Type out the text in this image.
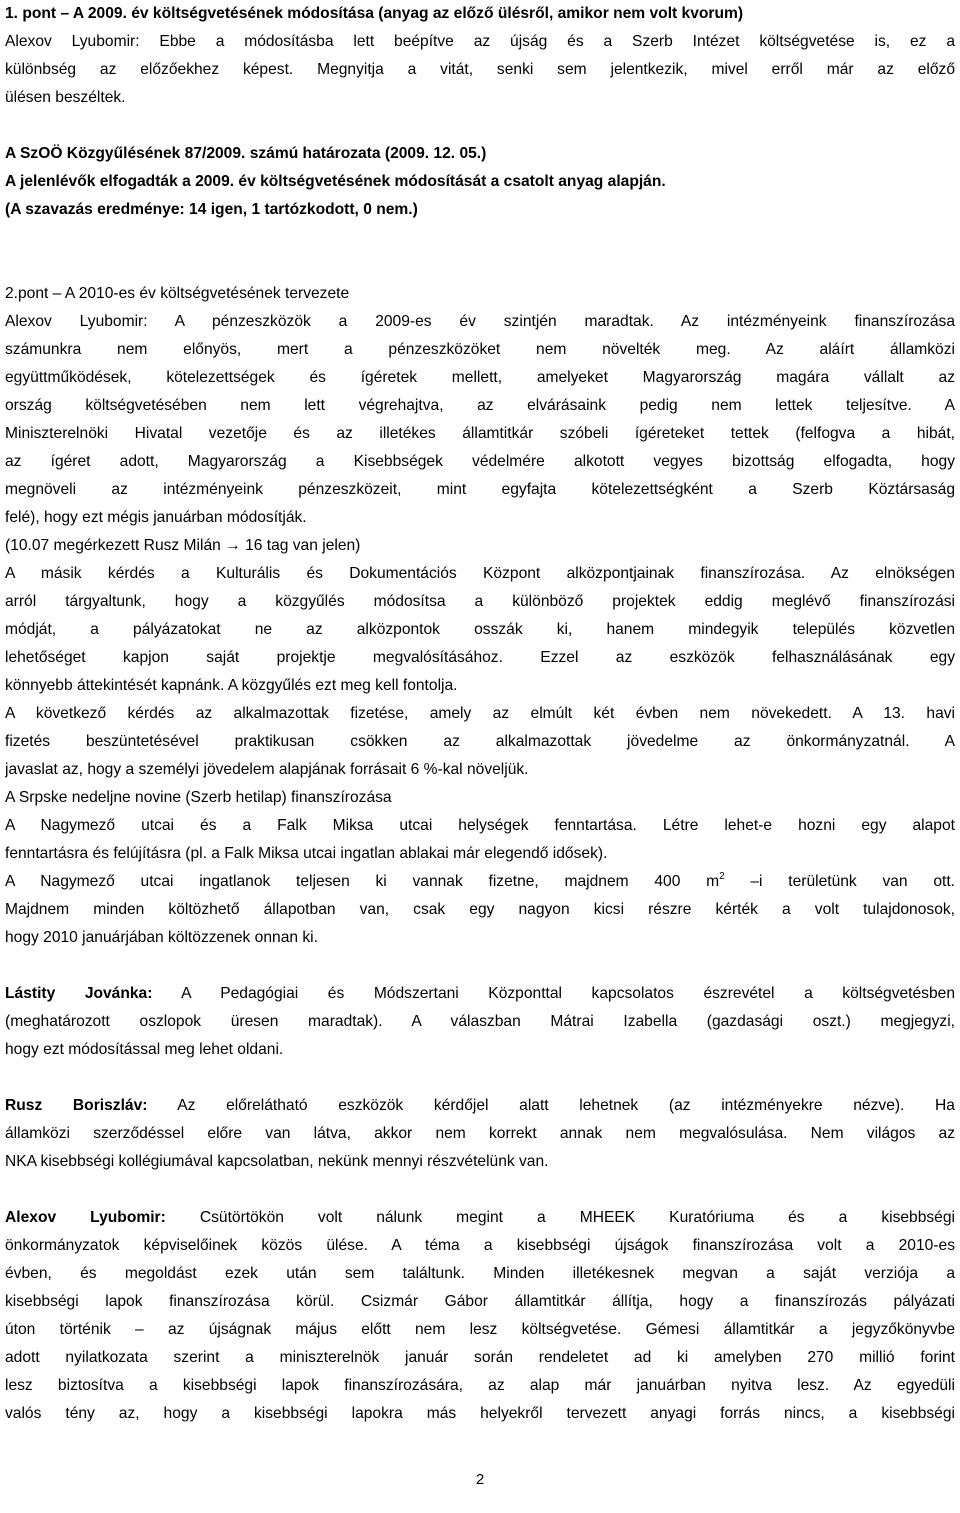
1. pont – A 2009. év költségvetésének módosítása (anyag az előző ülésről, amikor nem volt kvorum)
Alexov Lyubomir: Ebbe a módosításba lett beépítve az újság és a Szerb Intézet költségvetése is, ez a
különbség az előzőekhez képest. Megnyitja a vitát, senki sem jelentkezik, mivel erről már az előző
ülésen beszéltek.
A SzOÖ Közgyűlésének 87/2009. számú határozata (2009. 12. 05.)
A jelenlévők elfogadták a 2009. év költségvetésének módosítását a csatolt anyag alapján.
(A szavazás eredménye: 14 igen, 1 tartózkodott, 0 nem.)
2.pont – A 2010-es év költségvetésének tervezete
Alexov Lyubomir: A pénzeszközök a 2009-es év szintjén maradtak. Az intézményeink finanszírozása
számunkra nem előnyös, mert a pénzeszközöket nem növelték meg. Az aláírt államközi
együttműködések, kötelezettségek és ígéretek mellett, amelyeket Magyarország magára vállalt az
ország költségvetésében nem lett végrehajtva, az elvárásaink pedig nem lettek teljesítve. A
Miniszterelnöki Hivatal vezetője és az illetékes államtitkár szóbeli ígéreteket tettek (felfogva a hibát,
az ígéret adott, Magyarország a Kisebbségek védelmére alkotott vegyes bizottság elfogadta, hogy
megnöveli az intézményeink pénzeszközeit, mint egyfajta kötelezettségként a Szerb Köztársaság
felé), hogy ezt mégis januárban módosítják.
(10.07 megérkezett Rusz Milán → 16 tag van jelen)
A másik kérdés a Kulturális és Dokumentációs Központ alközpontjainak finanszírozása. Az elnökségen
arról tárgyaltunk, hogy a közgyűlés módosítsa a különböző projektek eddig meglévő finanszírozási
módját, a pályázatokat ne az alközpontok osszák ki, hanem mindegyik település közvetlen
lehetőséget kapjon saját projektje megvalósításához. Ezzel az eszközök felhasználásának egy
könnyebb áttekintését kapnánk. A közgyűlés ezt meg kell fontolja.
A következő kérdés az alkalmazottak fizetése, amely az elmúlt két évben nem növekedett. A 13. havi
fizetés beszüntetésével praktikusan csökken az alkalmazottak jövedelme az önkormányzatnál. A
javaslat az, hogy a személyi jövedelem alapjának forrásait 6 %-kal növeljük.
A Srpske nedeljne novine (Szerb hetilap) finanszírozása
A Nagymező utcai és a Falk Miksa utcai helységek fenntartása. Létre lehet-e hozni egy alapot
fenntartásra és felújításra (pl. a Falk Miksa utcai ingatlan ablakai már elegendő idősek).
A Nagymező utcai ingatlanok teljesen ki vannak fizetne, majdnem 400 $m^2$ –i területünk van ott.
Majdnem minden költözhető állapotban van, csak egy nagyon kicsi részre kérték a volt tulajdonosok,
hogy 2010 januárjában költözzenek onnan ki.
Lástity Jovánka: A Pedagógiai és Módszertani Központtal kapcsolatos észrevétel a költségvetésben
(meghatározott oszlopok üresen maradtak). A válaszban Mátrai Izabella (gazdasági oszt.) megjegyzi,
hogy ezt módosítással meg lehet oldani.
Rusz Boriszláv: Az előrelátható eszközök kérdőjel alatt lehetnek (az intézményekre nézve). Ha
államközi szerződéssel előre van látva, akkor nem korrekt annak nem megvalósulása. Nem világos az
NKA kisebbségi kollégiumával kapcsolatban, nekünk mennyi részvételünk van.
Alexov Lyubomir: Csütörtökön volt nálunk megint a MHEEK Kuratóriuma és a kisebbségi
önkormányzatok képviselőinek közös ülése. A téma a kisebbségi újságok finanszírozása volt a 2010-es
évben, és megoldást ezek után sem találtunk. Minden illetékesnek megvan a saját verziója a
kisebbségi lapok finanszírozása körül. Csizmár Gábor államtitkár állítja, hogy a finanszírozás pályázati
úton történik – az újságnak május előtt nem lesz költségvetése. Gémesi államtitkár a jegyzőkönyvbe
adott nyilatkozata szerint a miniszterelnök január során rendeletet ad ki amelyben 270 millió forint
lesz biztosítva a kisebbségi lapok finanszírozására, az alap már januárban nyitva lesz. Az egyedüli
valós tény az, hogy a kisebbségi lapokra más helyekről tervezett anyagi forrás nincs, a kisebbségi
2
